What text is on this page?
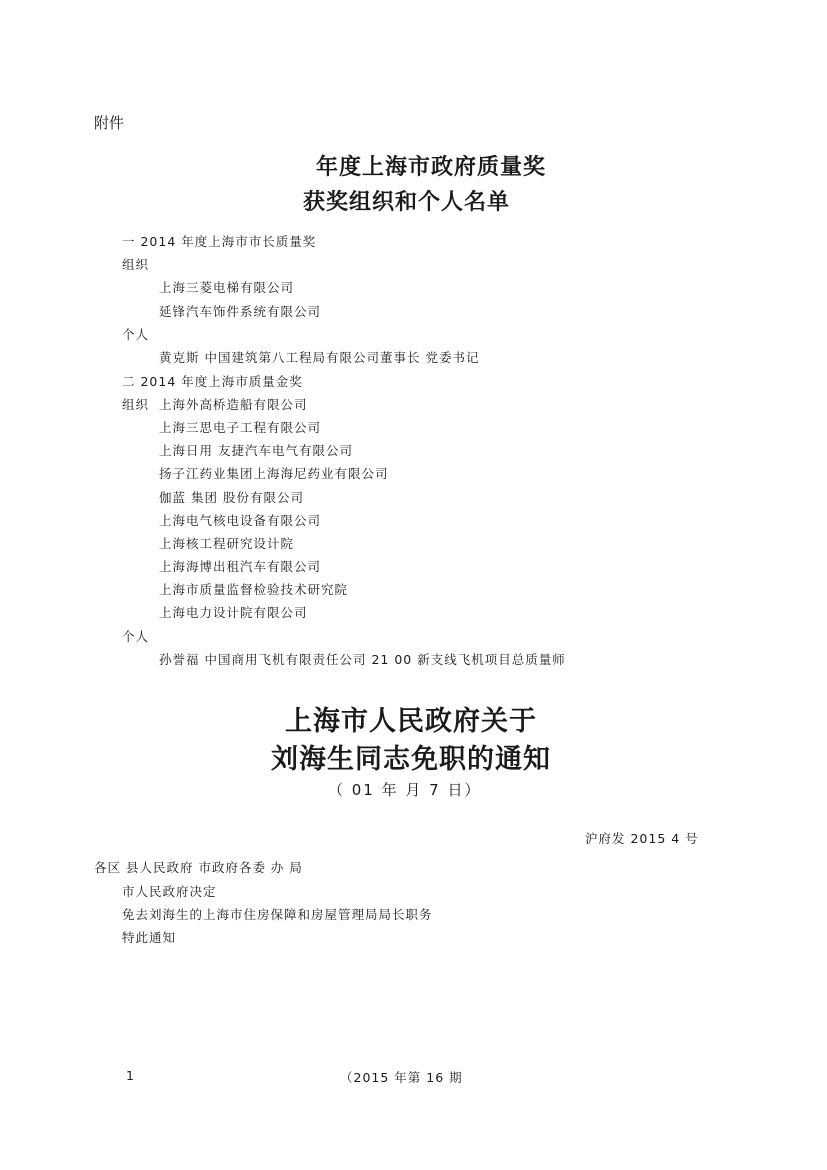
附件
年度上海市政府质量奖
获奖组织和个人名单
一 2014 年度上海市市长质量奖
组织
上海三菱电梯有限公司
延锋汽车饰件系统有限公司
个人
黄克斯 中国建筑第八工程局有限公司董事长 党委书记
二 2014 年度上海市质量金奖
组织 上海外高桥造船有限公司
上海三思电子工程有限公司
上海日用 友捷汽车电气有限公司
扬子江药业集团上海海尼药业有限公司
伽蓝 集团 股份有限公司
上海电气核电设备有限公司
上海核工程研究设计院
上海海博出租汽车有限公司
上海市质量监督检验技术研究院
上海电力设计院有限公司
个人
孙誉福 中国商用飞机有限责任公司 21 00 新支线飞机项目总质量师
上海市人民政府关于
刘海生同志免职的通知
（ 01 年 月 7 日）
沪府发 2015 4 号
各区 县人民政府 市政府各委 办 局
市人民政府决定
免去刘海生的上海市住房保障和房屋管理局局长职务
特此通知
1	（2015 年第 16 期
